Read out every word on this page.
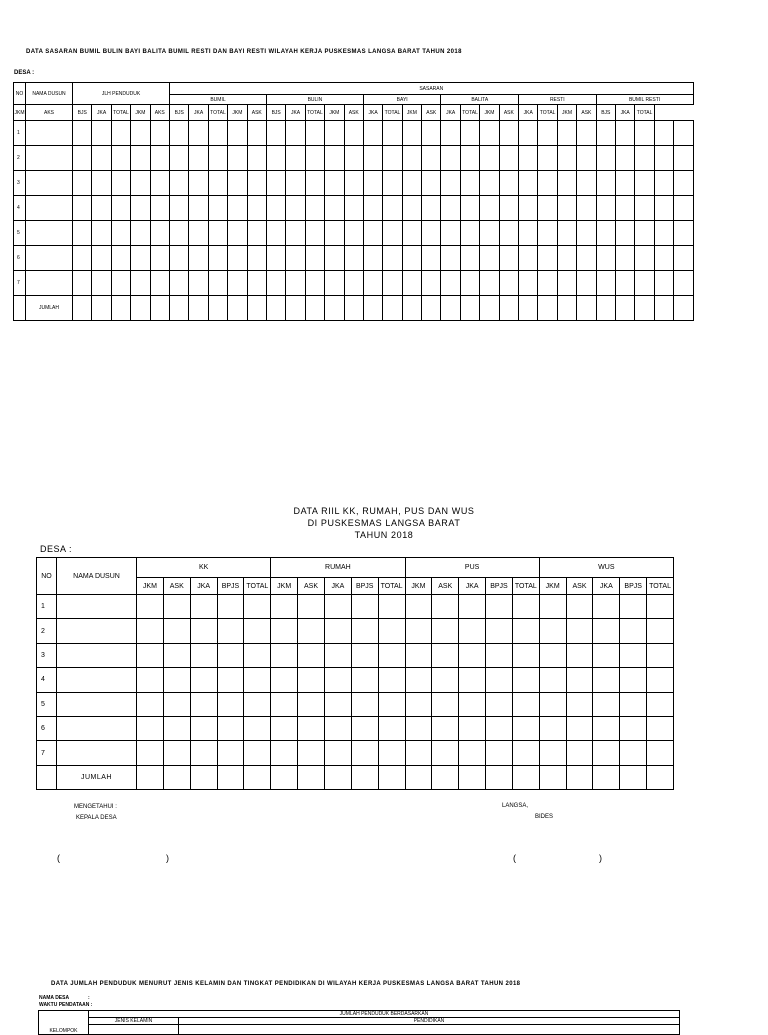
DATA SASARAN BUMIL BULIN BAYI BALITA BUMIL RESTI DAN BAYI RESTI WILAYAH KERJA PUSKESMAS LANGSA BARAT TAHUN 2018
DESA :
NO	NAMA DUSUN	JLH PENDUDUK					SASARAN																										
							BUMIL					BULIN					BAYI				BALITA				RESTI				BUMIL RESTI				
JKM	AKS	BJS	JKA	TOTAL	JKM	AKS	BJS	JKA	TOTAL	JKM	ASK	BJS	JKA	TOTAL	JKM	ASK	JKA	TOTAL	JKM	ASK	JKA	TOTAL	JKM	ASK	JKA	TOTAL	JKM	ASK	BJS	JKA	TOTAL		
1																																	
2																																	
3																																	
4																																	
5																																	
6																																	
7																																	
	JUMLAH																																
DATA RIIL KK, RUMAH, PUS DAN WUS
DI PUSKESMAS LANGSA BARAT
TAHUN 2018
DESA :
NO	NAMA DUSUN	KK					RUMAH					PUS					WUS				
		JKM	ASK	JKA	BPJS	TOTAL	JKM	ASK	JKA	BPJS	TOTAL	JKM	ASK	JKA	BPJS	TOTAL	JKM	ASK	JKA	BPJS	TOTAL
1																					
2																					
3																					
4																					
5																					
6																					
7																					
	JUMLAH																				
MENGETAHUI :
KEPALA DESA
LANGSA,
BIDES
(	)	(	)
DATA JUMLAH PENDUDUK MENURUT JENIS KELAMIN DAN TINGKAT PENDIDIKAN DI WILAYAH KERJA PUSKESMAS LANGSA BARAT TAHUN 2018
NAMA DESA	:
WAKTU PENDATAAN :
KELOMPOK	JUMLAH PENDUDUK BERDASARKAN	
	JENIS KELAMIN	PENDIDIKAN
